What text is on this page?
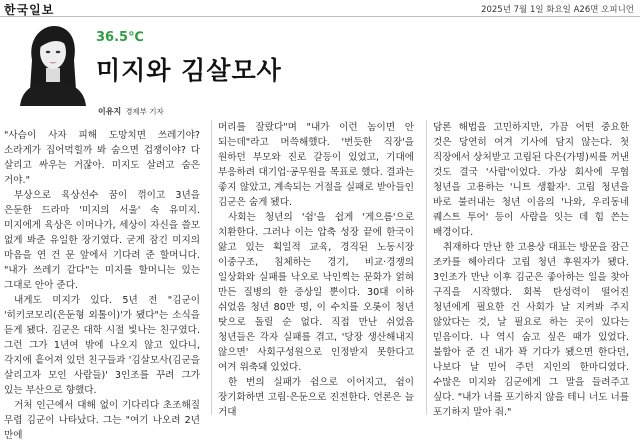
한국일보	2025년 7월 1일 화요일 A26면 오피니언
36.5℃
미지와 김살모사
이유지 경제부 기자

"사슴이 사자 피해 도망치면 쓰레기야? 소라게가 집어먹힐까 봐 숨으면 겁쟁이야? 다 살리고 싸우는 거잖아. 미지도 살려고 숨은 거야."

부상으로 육상선수 꿈이 꺾이고 3년을 은둔한 드라마 '미지의 서울' 속 유미지. 미지에게 육상은 이머나가, 세상이 자신을 쓸모 없게 봐준 유일한 장기였다. 굳게 잠긴 미지의 마음을 연 건 문 앞에서 기다려 준 할머니다. "내가 쓰레기 같다"는 미지를 할머니는 있는 그대로 안아 준다.

내게도 미지가 있다. 5년 전 "김군이 '히키코모리(은둔형 외톨이)'가 됐다"는 소식을 듣게 됐다. 김군은 대학 시절 빛나는 친구였다. 그런 그가 1년여 밖에 나오지 않고 있다니, 각지에 흩어져 있던 친구들과 '김살모사(김군을 살리고자 모인 사람들)' 3인조를 꾸려 그가 있는 부산으로 향했다.

거처 인근에서 대해 없이 기다리다 초조해질 무렵 김군이 나타났다. 그는 "여기 나오려 2년 만에

머리를 잘랐다"며 "내가 이런 놈이면 안 되는데"라고 머쓱해했다. '번듯한 직장'을 원하던 부모와 진로 갈등이 있었고, 기대에 부응하려 대기업·공무원을 목표로 했다. 결과는 좋지 않았고, 계속되는 거절을 실패로 받아들인 김군은 숨게 됐다.

사회는 청년의 '쉼'을 쉽게 '게으름'으로 치환한다. 그러나 이는 압축 성장 끝에 한국이 앓고 있는 획일적 교육, 경직된 노동시장 이중구조, 침체하는 경기, 비교·경쟁의 일상화와 실패를 낙오로 낙인찍는 문화가 얽혀 만든 질병의 한 증상일 뿐이다. 30대 이하 쉬었음 청년 80만 명, 이 수치를 오롯이 청년 탓으로 돌릴 순 없다. 직접 만난 쉬었음 청년들은 각자 실패를 겪고, '당장 생산해내지 않으면' 사회구성원으로 인정받지 못한다고 여겨 위축돼 있었다.

한 번의 실패가 쉼으로 이어지고, 쉼이 장기화하면 고립·은둔으로 진전한다. 언론은 늘 거대

담론 해법을 고민하지만, 가끔 어떤 중요한 것은 당연히 여겨 기사에 담지 않는다. 첫 직장에서 상처받고 고립된 다은(가명)씨를 꺼낸 것도 결국 '사람'이었다. 가상 회사에 무협 청년을 고용하는 '니트 생활자'. 고립 청년을 바로 불러내는 청년 이음의 '나와, 우리동네 퀘스트 투어' 등이 사람을 잇는 데 힘 쓴는 배경이다.

취재하다 만난 한 고용상 대표는 방문을 잠근 조카를 헤아리다 고립 청년 후원자가 됐다. 3인조가 만난 이후 김군은 좋아하는 일을 찾아 구직을 시작했다. 회복 탄성력이 떨어진 청년에게 필요한 건 사회가 날 지켜봐 주지 않았다는 것, 날 필요로 하는 곳이 있다는 믿음이다. 나 역시 숨고 싶은 때가 있었다. 불합아 준 건 내가 꽉 기다가 됐으면 한다던, 나보다 날 믿어 주던 지인의 한마디였다. 수많은 미지와 김군에게 그 말을 들려주고 싶다. "내가 너를 포기하지 않을 테니 너도 너를 포기하지 말아 줘."
